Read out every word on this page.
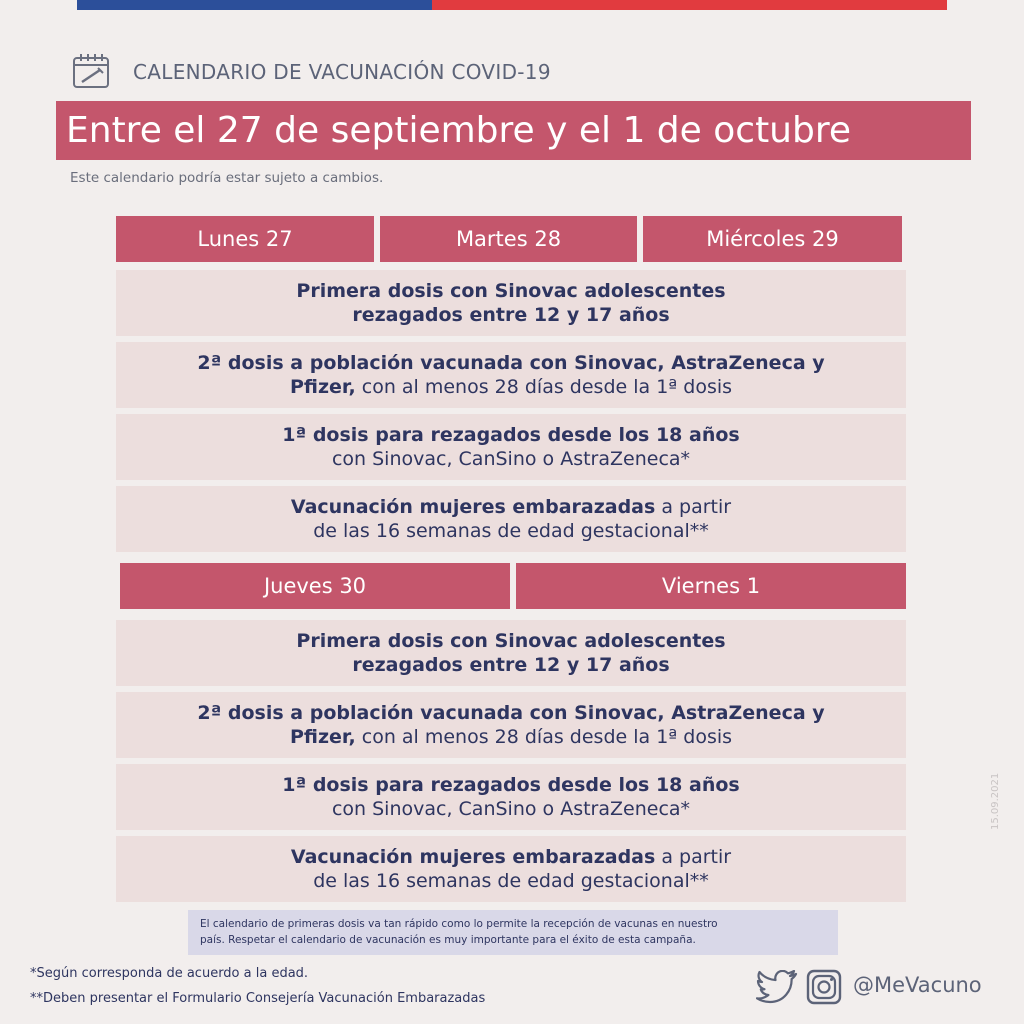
CALENDARIO DE VACUNACIÓN COVID-19
Entre el 27 de septiembre y el 1 de octubre
Este calendario podría estar sujeto a cambios.
Lunes 27	Martes 28	Miércoles 29
Primera dosis con Sinovac adolescentes
rezagados entre 12 y 17 años
2ª dosis a población vacunada con Sinovac, AstraZeneca y
Pfizer, con al menos 28 días desde la 1ª dosis
1ª dosis para rezagados desde los 18 años
con Sinovac, CanSino o AstraZeneca*
Vacunación mujeres embarazadas a partir
de las 16 semanas de edad gestacional**
Jueves 30	Viernes 1
Primera dosis con Sinovac adolescentes
rezagados entre 12 y 17 años
2ª dosis a población vacunada con Sinovac, AstraZeneca y
Pfizer, con al menos 28 días desde la 1ª dosis
1ª dosis para rezagados desde los 18 años
con Sinovac, CanSino o AstraZeneca*
Vacunación mujeres embarazadas a partir
de las 16 semanas de edad gestacional**
El calendario de primeras dosis va tan rápido como lo permite la recepción de vacunas en nuestro
país. Respetar el calendario de vacunación es muy importante para el éxito de esta campaña.
15.09.2021
*Según corresponda de acuerdo a la edad.
**Deben presentar el Formulario Consejería Vacunación Embarazadas
@MeVacuno
